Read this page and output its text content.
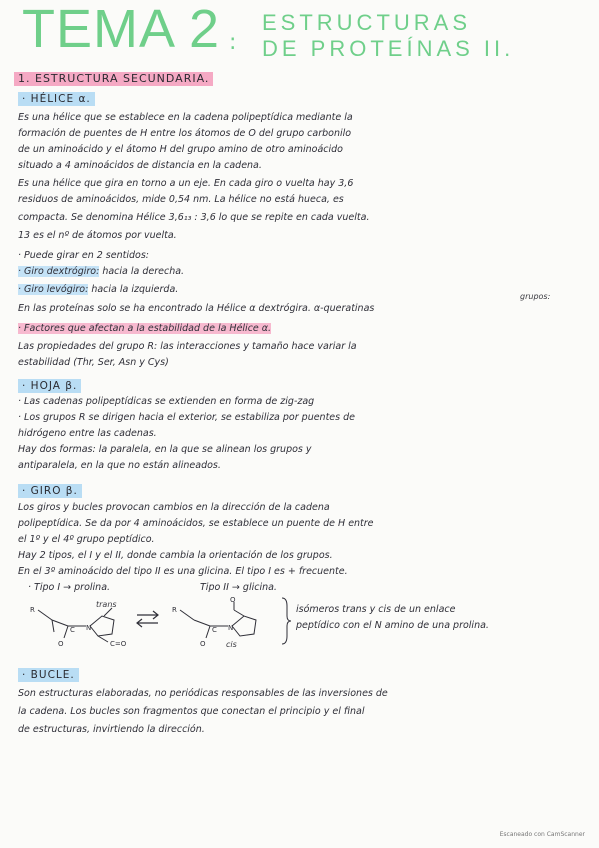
TEMA 2 :
ESTRUCTURAS
DE PROTEÍNAS II.
1. ESTRUCTURA SECUNDARIA.
· HÉLICE α.
Es una hélice que se establece en la cadena polipeptídica mediante la
formación de puentes de H entre los átomos de O del grupo carbonilo
de un aminoácido y el átomo H del grupo amino de otro aminoácido
situado a 4 aminoácidos de distancia en la cadena.
Es una hélice que gira en torno a un eje. En cada giro o vuelta hay 3,6
residuos de aminoácidos, mide 0,54 nm. La hélice no está hueca, es
compacta. Se denomina Hélice 3,6₁₃ : 3,6 lo que se repite en cada vuelta.
13 es el nº de átomos por vuelta.
· Puede girar en 2 sentidos:
· Giro dextrógiro: hacia la derecha.
· Giro levógiro: hacia la izquierda.
grupos:
En las proteínas solo se ha encontrado la Hélice α dextrógira. α-queratinas
· Factores que afectan a la estabilidad de la Hélice α.
Las propiedades del grupo R: las interacciones y tamaño hace variar la
estabilidad (Thr, Ser, Asn y Cys)
· HOJA β.
· Las cadenas polipeptídicas se extienden en forma de zig-zag
· Los grupos R se dirigen hacia el exterior, se estabiliza por puentes de
hidrógeno entre las cadenas.
Hay dos formas: la paralela, en la que se alinean los grupos y
antiparalela, en la que no están alineados.
· GIRO β.
Los giros y bucles provocan cambios en la dirección de la cadena
polipeptídica. Se da por 4 aminoácidos, se establece un puente de H entre
el 1º y el 4º grupo peptídico.
Hay 2 tipos, el I y el II, donde cambia la orientación de los grupos.
En el 3º aminoácido del tipo II es una glicina. El tipo I es + frecuente.
· Tipo I → prolina.	Tipo II → glicina.
R
C
O
N
C=O
trans
⇌ R
C
O
N
O
cis
isómeros trans y cis de un enlace
peptídico con el N amino de una prolina.
· BUCLE.
Son estructuras elaboradas, no periódicas responsables de las inversiones de
la cadena. Los bucles son fragmentos que conectan el principio y el final
de estructuras, invirtiendo la dirección.
Escaneado con CamScanner
